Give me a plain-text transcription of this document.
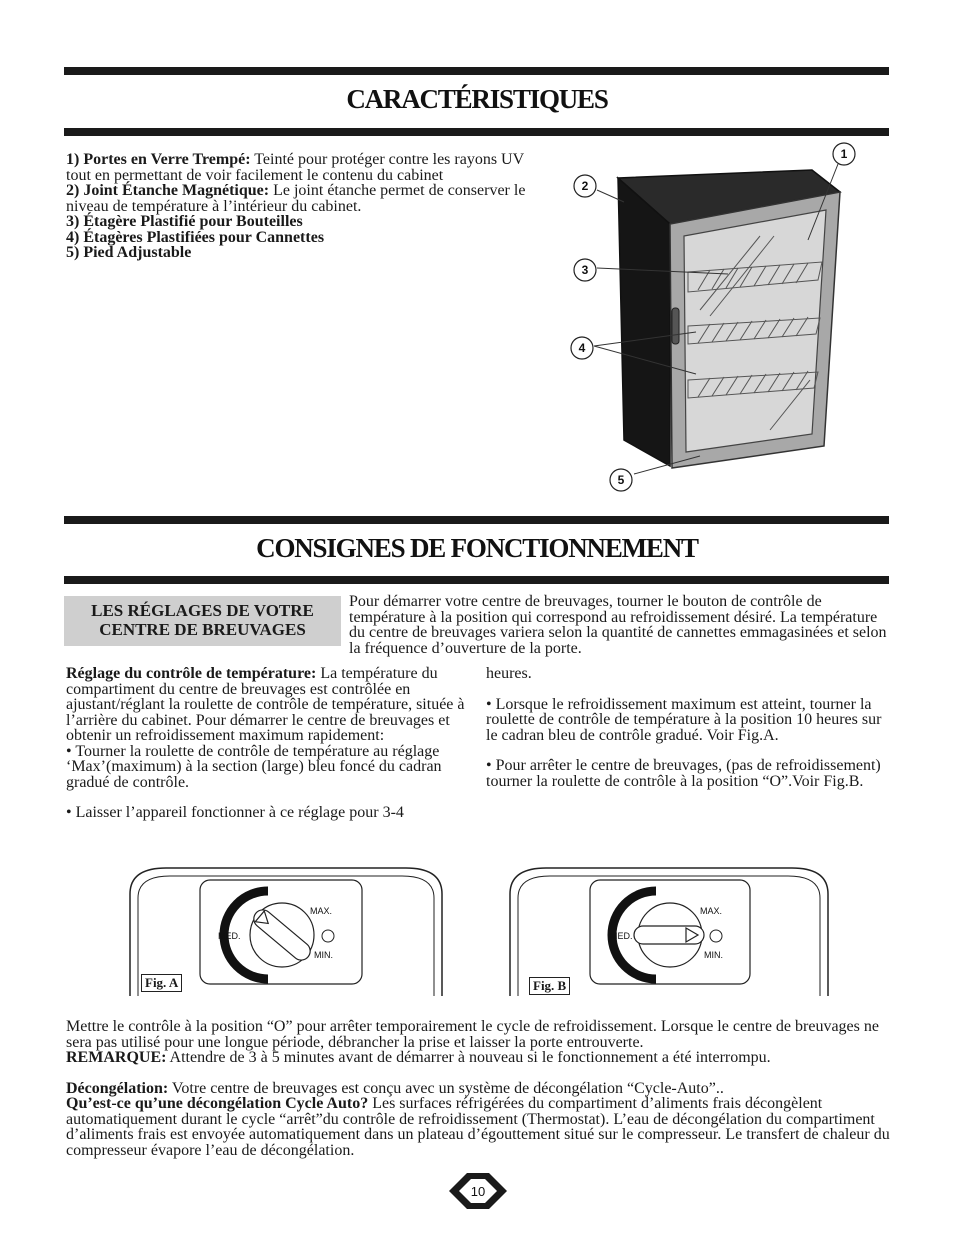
CARACTÉRISTIQUES
1) Portes en Verre Trempé: Teinté pour protéger contre les rayons UV tout en permettant de voir facilement le contenu du cabinet
2) Joint Étanche Magnétique: Le joint étanche permet de conserver le niveau de température à l’intérieur du cabinet.
3) Étagère Plastifié pour Bouteilles
4) Étagères Plastifiées pour Cannettes
5) Pied Adjustable
1
2
3
4
5
CONSIGNES DE FONCTIONNEMENT
LES RÉGLAGES DE VOTRE
CENTRE DE BREUVAGES
Pour démarrer votre centre de breuvages, tourner le bouton de contrôle de température à la position qui correspond au refroidissement désiré. La température du centre de breuvages variera selon la quantité de cannettes emmagasinées et selon la fréquence d’ouverture de la porte.
Réglage du contrôle de température: La température du compartiment du centre de breuvages est contrôlée en ajustant/réglant la roulette de contrôle de température, située à l’arrière du cabinet. Pour démarrer le centre de breuvages et obtenir un refroidissement maximum rapidement:
• Tourner la roulette de contrôle de température au réglage ‘Max’(maximum) à la section (large) bleu foncé du cadran gradué de contrôle.
• Laisser l’appareil fonctionner à ce réglage pour 3-4
heures.
• Lorsque le refroidissement maximum est atteint, tourner la roulette de contrôle de température à la position 10 heures sur le cadran bleu de contrôle gradué. Voir Fig.A.
• Pour arrêter le centre de breuvages, (pas de refroidissement) tourner la roulette de contrôle à la position “O”.Voir Fig.B.
MAX.
MED.
MIN.
Fig. A
MAX.
MED.
MIN.
Fig. B
Mettre le contrôle à la position “O” pour arrêter temporairement le cycle de refroidissement. Lorsque le centre de breuvages ne sera pas utilisé pour une longue période, débrancher la prise et laisser la porte entrouverte.
REMARQUE: Attendre de 3 à 5 minutes avant de démarrer à nouveau si le fonctionnement a été interrompu.
Décongélation: Votre centre de breuvages est conçu avec un système de décongélation “Cycle-Auto”..
Qu’est-ce qu’une décongélation Cycle Auto? Les surfaces réfrigérées du compartiment d’aliments frais décongèlent automatiquement durant le cycle “arrêt”du contrôle de refroidissement (Thermostat). L’eau de décongélation du compartiment d’aliments frais est envoyée automatiquement dans un plateau d’égouttement situé sur le compresseur. Le transfert de chaleur du compresseur évapore l’eau de décongélation.
10
